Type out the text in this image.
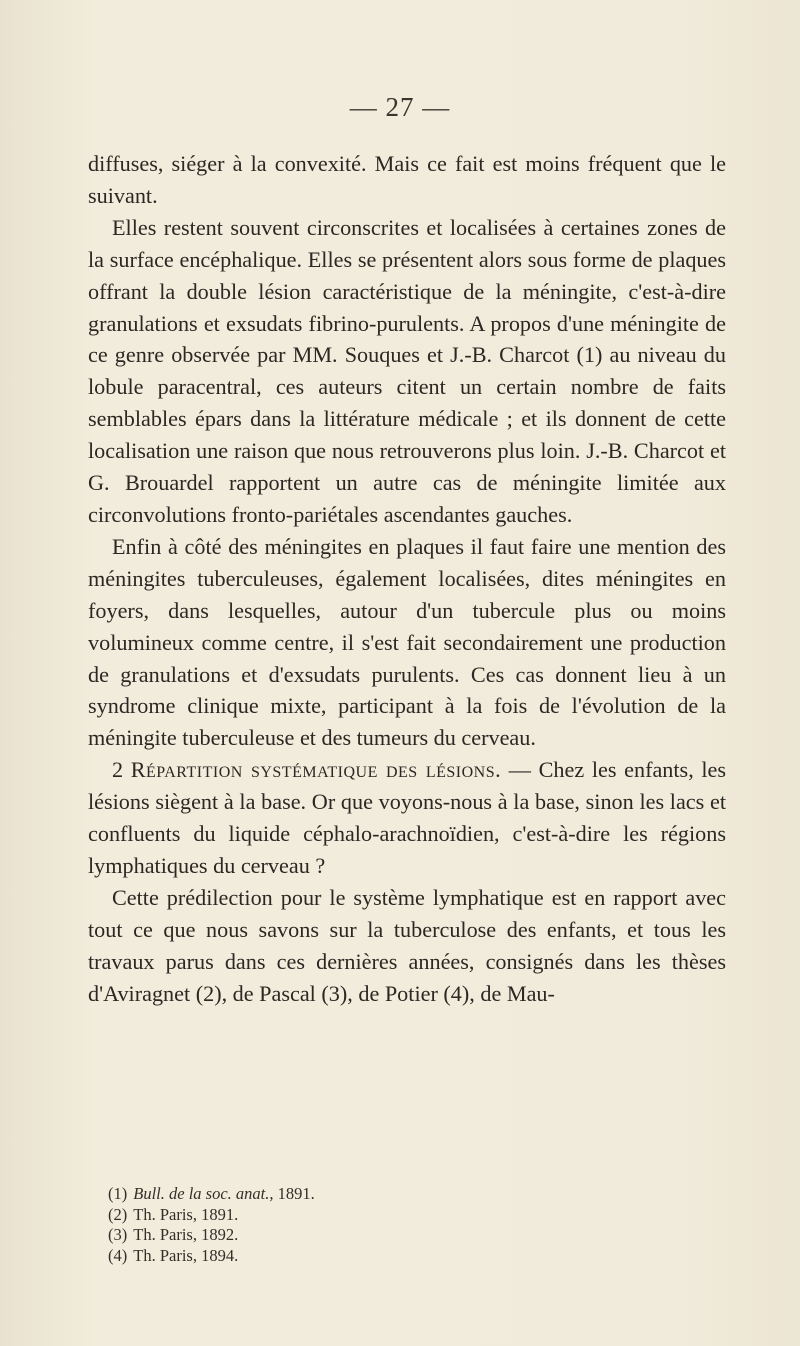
— 27 —

diffuses, siéger à la convexité. Mais ce fait est moins fréquent que le suivant.

Elles restent souvent circonscrites et localisées à certaines zones de la surface encéphalique. Elles se présentent alors sous forme de plaques offrant la double lésion caractéristique de la méningite, c'est-à-dire granulations et exsudats fibrino-purulents. A propos d'une méningite de ce genre observée par MM. Souques et J.-B. Charcot (1) au niveau du lobule paracentral, ces auteurs citent un certain nombre de faits semblables épars dans la littérature médicale ; et ils donnent de cette localisation une raison que nous retrouverons plus loin. J.-B. Charcot et G. Brouardel rapportent un autre cas de méningite limitée aux circonvolutions fronto-pariétales ascendantes gauches.

Enfin à côté des méningites en plaques il faut faire une mention des méningites tuberculeuses, également localisées, dites méningites en foyers, dans lesquelles, autour d'un tubercule plus ou moins volumineux comme centre, il s'est fait secondairement une production de granulations et d'exsudats purulents. Ces cas donnent lieu à un syndrome clinique mixte, participant à la fois de l'évolution de la méningite tuberculeuse et des tumeurs du cerveau.

2 Répartition systématique des lésions. — Chez les enfants, les lésions siègent à la base. Or que voyons-nous à la base, sinon les lacs et confluents du liquide céphalo-arachnoïdien, c'est-à-dire les régions lymphatiques du cerveau ?

Cette prédilection pour le système lymphatique est en rapport avec tout ce que nous savons sur la tuberculose des enfants, et tous les travaux parus dans ces dernières années, consignés dans les thèses d'Aviragnet (2), de Pascal (3), de Potier (4), de Mau-

(1) Bull. de la soc. anat., 1891.
(2) Th. Paris, 1891.
(3) Th. Paris, 1892.
(4) Th. Paris, 1894.
